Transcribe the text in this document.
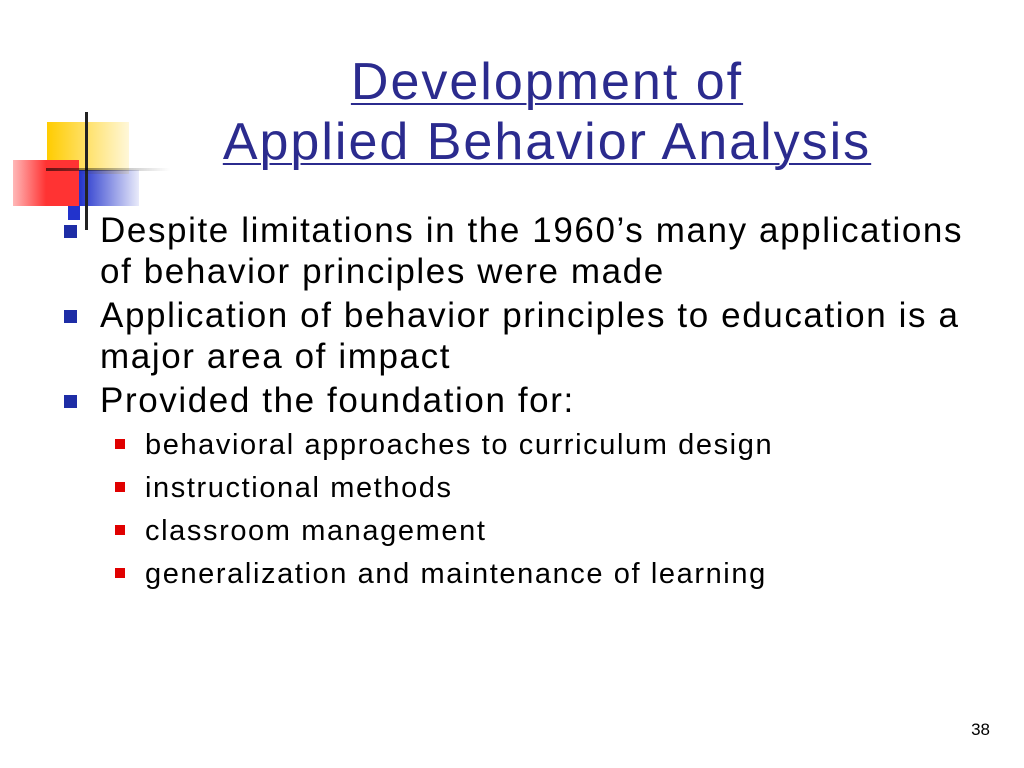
Development of
Applied Behavior Analysis
Despite limitations in the 1960’s many applications of behavior principles were made
Application of behavior principles to education is a major area of impact
Provided the foundation for:
behavioral approaches to curriculum design
instructional methods
classroom management
generalization and maintenance of learning
38
